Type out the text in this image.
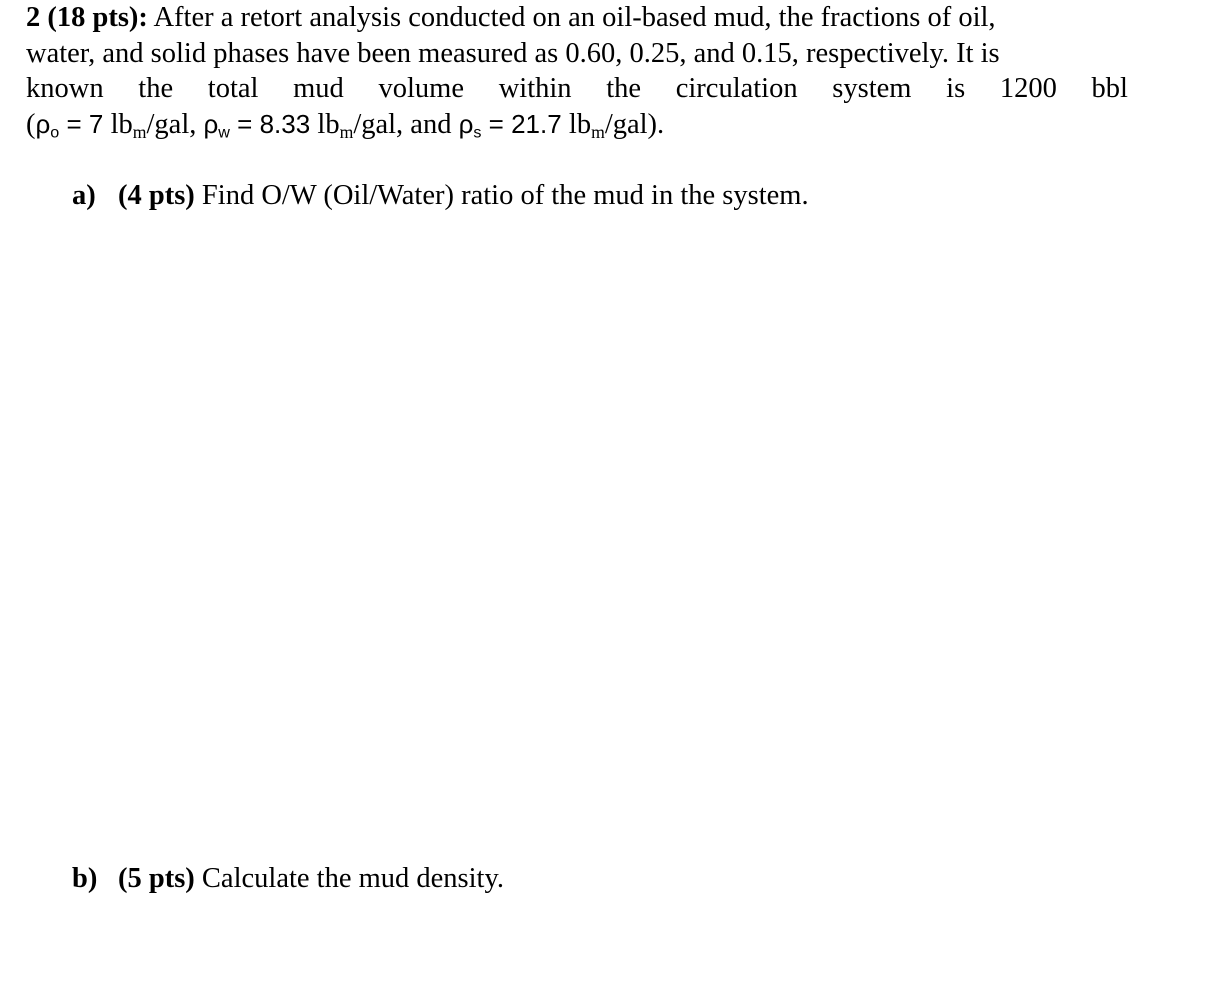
2 (18 pts): After a retort analysis conducted on an oil-based mud, the fractions of oil,
water, and solid phases have been measured as 0.60, 0.25, and 0.15, respectively. It is
known the total mud volume within the circulation system is 1200 bbl
($\rho_o = 7$ $lb_m$/gal, $\rho_w = 8.33$ $lb_m$/gal, and $\rho_s = 21.7$ $lb_m/gal$).
a) (4 pts) Find O/W (Oil/Water) ratio of the mud in the system.
b) (5 pts) Calculate the mud density.
